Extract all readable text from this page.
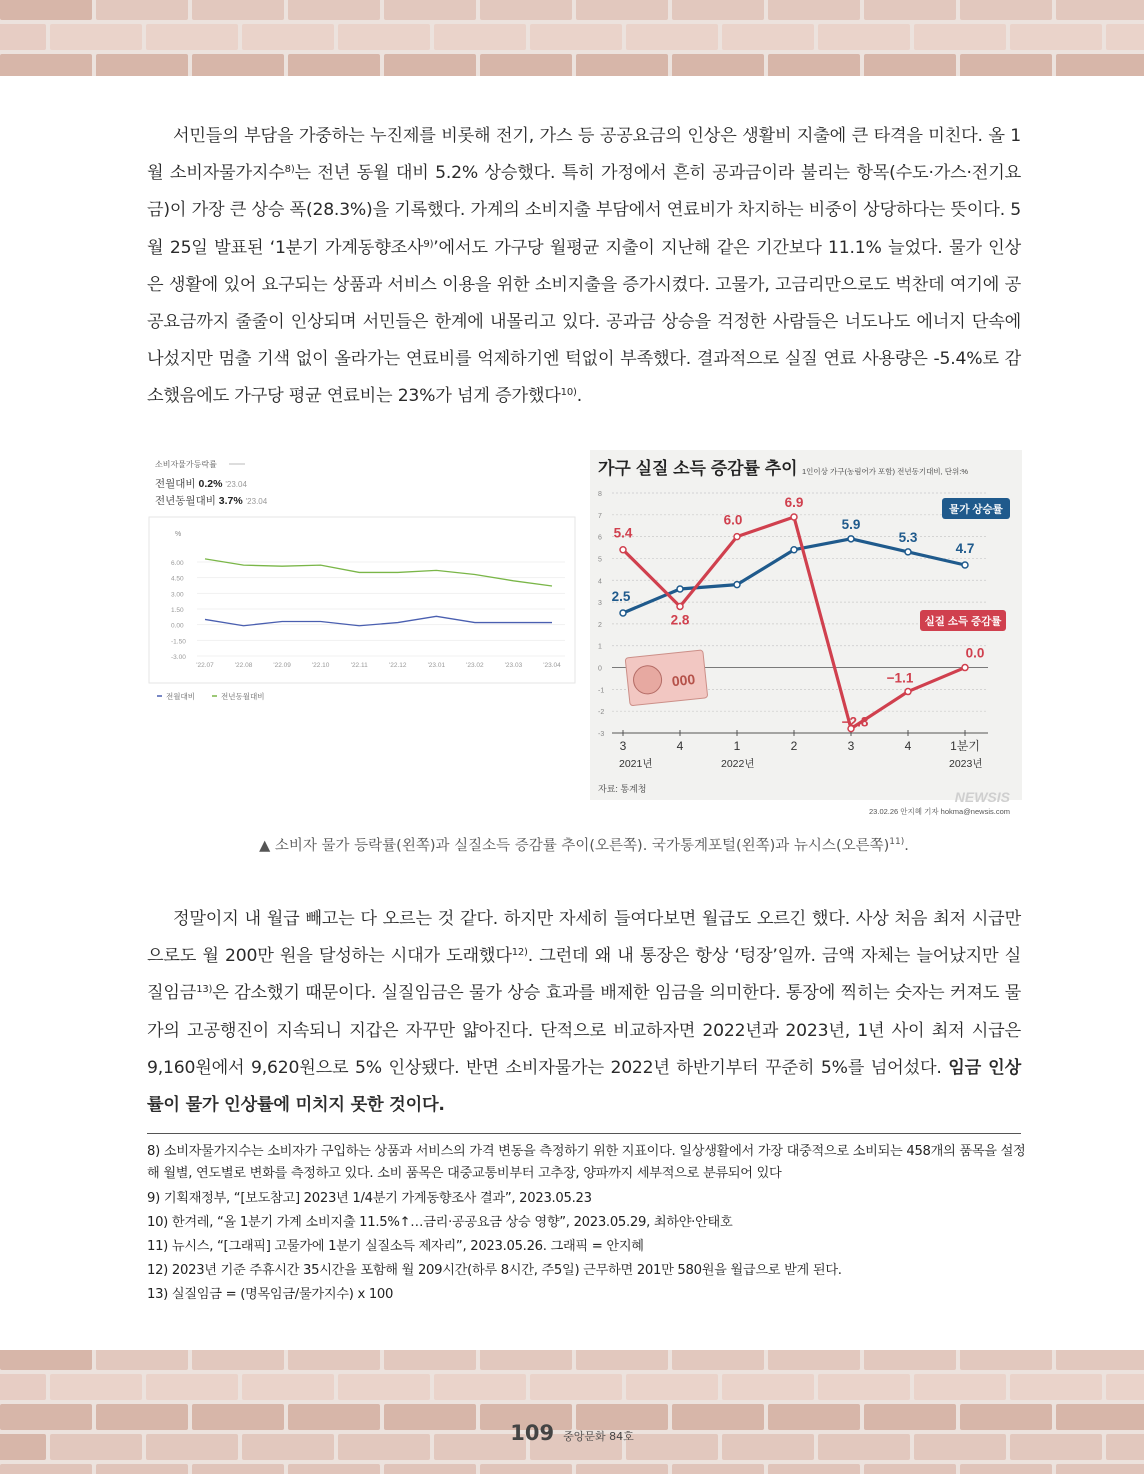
서민들의 부담을 가중하는 누진제를 비롯해 전기, 가스 등 공공요금의 인상은 생활비 지출에 큰 타격을 미친다. 올 1월 소비자물가지수$^{8)}$는 전년 동월 대비 5.2% 상승했다. 특히 가정에서 흔히 공과금이라 불리는 항목(수도·가스·전기요금)이 가장 큰 상승 폭(28.3%)을 기록했다. 가계의 소비지출 부담에서 연료비가 차지하는 비중이 상당하다는 뜻이다. 5월 25일 발표된 ‘1분기 가계동향조사$^{9)}$’에서도 가구당 월평균 지출이 지난해 같은 기간보다 11.1% 늘었다. 물가 인상은 생활에 있어 요구되는 상품과 서비스 이용을 위한 소비지출을 증가시켰다. 고물가, 고금리만으로도 벅찬데 여기에 공공요금까지 줄줄이 인상되며 서민들은 한계에 내몰리고 있다. 공과금 상승을 걱정한 사람들은 너도나도 에너지 단속에 나섰지만 멈출 기색 없이 올라가는 연료비를 억제하기엔 턱없이 부족했다. 결과적으로 실질 연료 사용량은 -5.4%로 감소했음에도 가구당 평균 연료비는 23%가 넘게 증가했다$^{10)}$.

소비자물가등락률
전월대비 0.2% '23.04
전년동월대비 3.7% '23.04
%
6.00
4.50
3.00
1.50
0.00
-1.50
-3.00
'22.07	'22.08	'22.09	'22.10	'22.11	'22.12	'23.01	'23.02	'23.03	'23.04
전월대비	전년동월대비
가구 실질 소득 증감률 추이 1인이상 가구(농림어가 포함) 전년동기대비, 단위:%
8
7
6
5
4
3
2
1
0
-1
-2
-3
000
3	4	1	2	3	4	1분기
2021년	2022년	2023년
2.5
5.9
5.3
4.7
5.4
2.8
6.0
6.9
−2.8
−1.1
0.0
물가 상승률
실질 소득 증감률
자료: 통계청	NEWSIS
23.02.26 안지혜 기자 hokma@newsis.com
▲ 소비자 물가 등락률(왼쪽)과 실질소득 증감률 추이(오른쪽). 국가통계포털(왼쪽)과 뉴시스(오른쪽)$^{11)}$.

정말이지 내 월급 빼고는 다 오르는 것 같다. 하지만 자세히 들여다보면 월급도 오르긴 했다. 사상 처음 최저 시급만으로도 월 200만 원을 달성하는 시대가 도래했다$^{12)}$. 그런데 왜 내 통장은 항상 ‘텅장’일까. 금액 자체는 늘어났지만 실질임금$^{13)}$은 감소했기 때문이다. 실질임금은 물가 상승 효과를 배제한 임금을 의미한다. 통장에 찍히는 숫자는 커져도 물가의 고공행진이 지속되니 지갑은 자꾸만 얇아진다. 단적으로 비교하자면 2022년과 2023년, 1년 사이 최저 시급은 9,160원에서 9,620원으로 5% 인상됐다. 반면 소비자물가는 2022년 하반기부터 꾸준히 5%를 넘어섰다. 임금 인상률이 물가 인상률에 미치지 못한 것이다.

8) 소비자물가지수는 소비자가 구입하는 상품과 서비스의 가격 변동을 측정하기 위한 지표이다. 일상생활에서 가장 대중적으로 소비되는 458개의 품목을 설정해 월별, 연도별로 변화를 측정하고 있다. 소비 품목은 대중교통비부터 고추장, 양파까지 세부적으로 분류되어 있다
9) 기획재정부, “[보도참고] 2023년 1/4분기 가계동향조사 결과”, 2023.05.23
10) 한겨레, “올 1분기 가계 소비지출 11.5%↑…금리·공공요금 상승 영향”, 2023.05.29, 최하얀·안태호
11) 뉴시스, “[그래픽] 고물가에 1분기 실질소득 제자리”, 2023.05.26. 그래픽 = 안지혜
12) 2023년 기준 주휴시간 35시간을 포함해 월 209시간(하루 8시간, 주5일) 근무하면 201만 580원을 월급으로 받게 된다.
13) 실질임금 = (명목임금/물가지수) x 100
109 중앙문화 84호
